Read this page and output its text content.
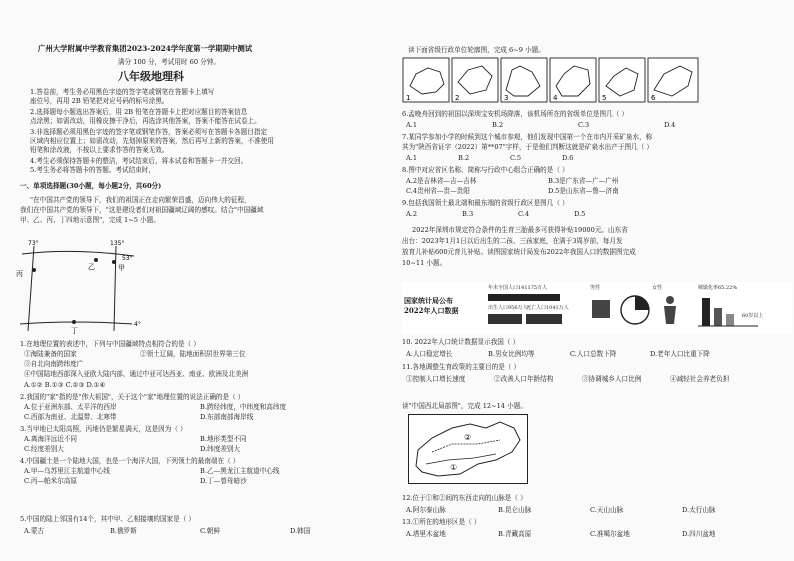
广州大学附属中学教育集团2023-2024学年度第一学期期中测试
满分 100 分，考试用时 60 分钟。
八年级地理科
1.答卷前，考生务必用黑色字迹的签字笔或钢笔在答题卡上填写
座位号，再用 2B 铅笔把对应号码的标号涂黑。
2.选择题每小题选出答案后，用 2B 铅笔在答题卡上把对应题目的答案信息
点涂黑；如需改动，用橡皮擦干净后，再选涂其他答案，答案不能答在试卷上。
3.非选择题必须用黑色字迹的签字笔或钢笔作答，答案必须写在答题卡各题目指定
区域内相应位置上；如需改动，先划掉原来的答案，然后再写上新的答案，不准使用
铅笔和涂改液，不按以上要求作答的答案无效。
4.考生必须保持答题卡的整洁，考试结束后，将本试卷和答题卡一并交回。
5.考生务必将答题卡的答题。考试结束时，
一、单项选择题(30小题，每小题2分，共60分)
"在中国共产党的领导下，我们的祖国正在走向繁荣昌盛，迈向伟大的征程，
我们在中国共产党的领导下，"这是建设者们对祖国疆域辽阔的感叹。结合"中国疆域
甲、乙、丙、丁四地示意图"，完成 1~5 小题。
73°	135°
53°
乙	甲
丙
丁
4°
1.在地理位置的表述中，下列与中国疆域特点相符合的是（ ）
①海陆兼备的国家	②领土辽阔，陆地面积居世界第三位
③自北向南跨纬度广
④中国陆地西部深入亚欧大陆内部，通过中亚可达西亚、南亚、欧洲及北美洲
A.①② B.①③ C.②③ D.①④
2.我国的"家"指的是"伟大祖国"，关于这个"家"地理位置的说法正确的是（ ）
A.位于亚洲东部、太平洋的西岸	B.跨经纬度，中纬度和高纬度
C.西部为南亚、北温带、北寒带	D.东部南部海岸线
3.当甲地已太阳高照，丙地仍是繁星满天，这是因为（ ）
A.离海洋远近不同	B.地形类型不同
C.经度差别大	D.纬度差别大
4.中国疆土是一个陆地大国，也是一个海洋大国，下列领土的最南端在（ ）
A.甲—乌苏里江主航道中心线	B.乙—黑龙江主航道中心线
C.丙—帕米尔高原	D.丁—曾母暗沙
5.中国的陆上邻国有14个，其中甲、乙相接壤的国家是（ ）
A.蒙古	B.俄罗斯	C.朝鲜	D.韩国
读下面省级行政单位轮廓图，完成 6~9 小题。
1	2	3	4	5	6
6.孟晚舟回到的祖国以深圳宝安机场降落，该机场所在的省级单位是图几（ ）
A.1	B.2	C.3	D.4
7.某同学参加小学的时候到这个城市参观，他们发现中国第一个在市内开采矿泉水，称
其为"陕西省证字（2022）第**07"字样，于是他们判断这就是矿泉水出产于图几（ ）
A.1	B.2	C.5	D.6
8.图中对应省区名称、简称与行政中心组合正确的是（ ）
A.2是吉林省—吉—吉林	B.3是广东省—广—广州
C.4贵州省—贵—贵阳	D.5是山东省—鲁—济南
9.包括我国领土最北端和最东端的省级行政区是图几（ ）
A.2	B.3	C.4	D.5
2022年深圳市规定符合条件的生育三胎最多可获得补贴19000元。山东省
出台：2023年1月1日以后出生的二孩、三孩家庭，在满于3周岁前，每月发
放育儿补贴600元育儿补贴。读图国家统计局发布2022年我国人口的数据图完成
10~11 小题。
国家统计局公布
2022年人口数据
年末全国人口141175万人
出生人口956万人
死亡人口1041万人
男性	女性	城镇化率65.22%
60岁以上
10. 2022年人口统计数据显示我国（ ）
A.人口稳定增长	B.男女比例均等	C.人口总数下降	D.老年人口比重下降
11.各地调整生育政策的主要目的是（ ）
①控制人口增长速度	②改善人口年龄结构	③协调城乡人口比例	④减轻社会养老负担
读"中国西北局部图"，完成 12~14 小题。
①
②
12.位于①和②间的东西走向的山脉是（ ）
A.阿尔泰山脉	B.昆仑山脉	C.天山山脉	D.太行山脉
13.①所在的地形区是（ ）
A.塔里木盆地	B.青藏高原	C.准噶尔盆地	D.四川盆地
